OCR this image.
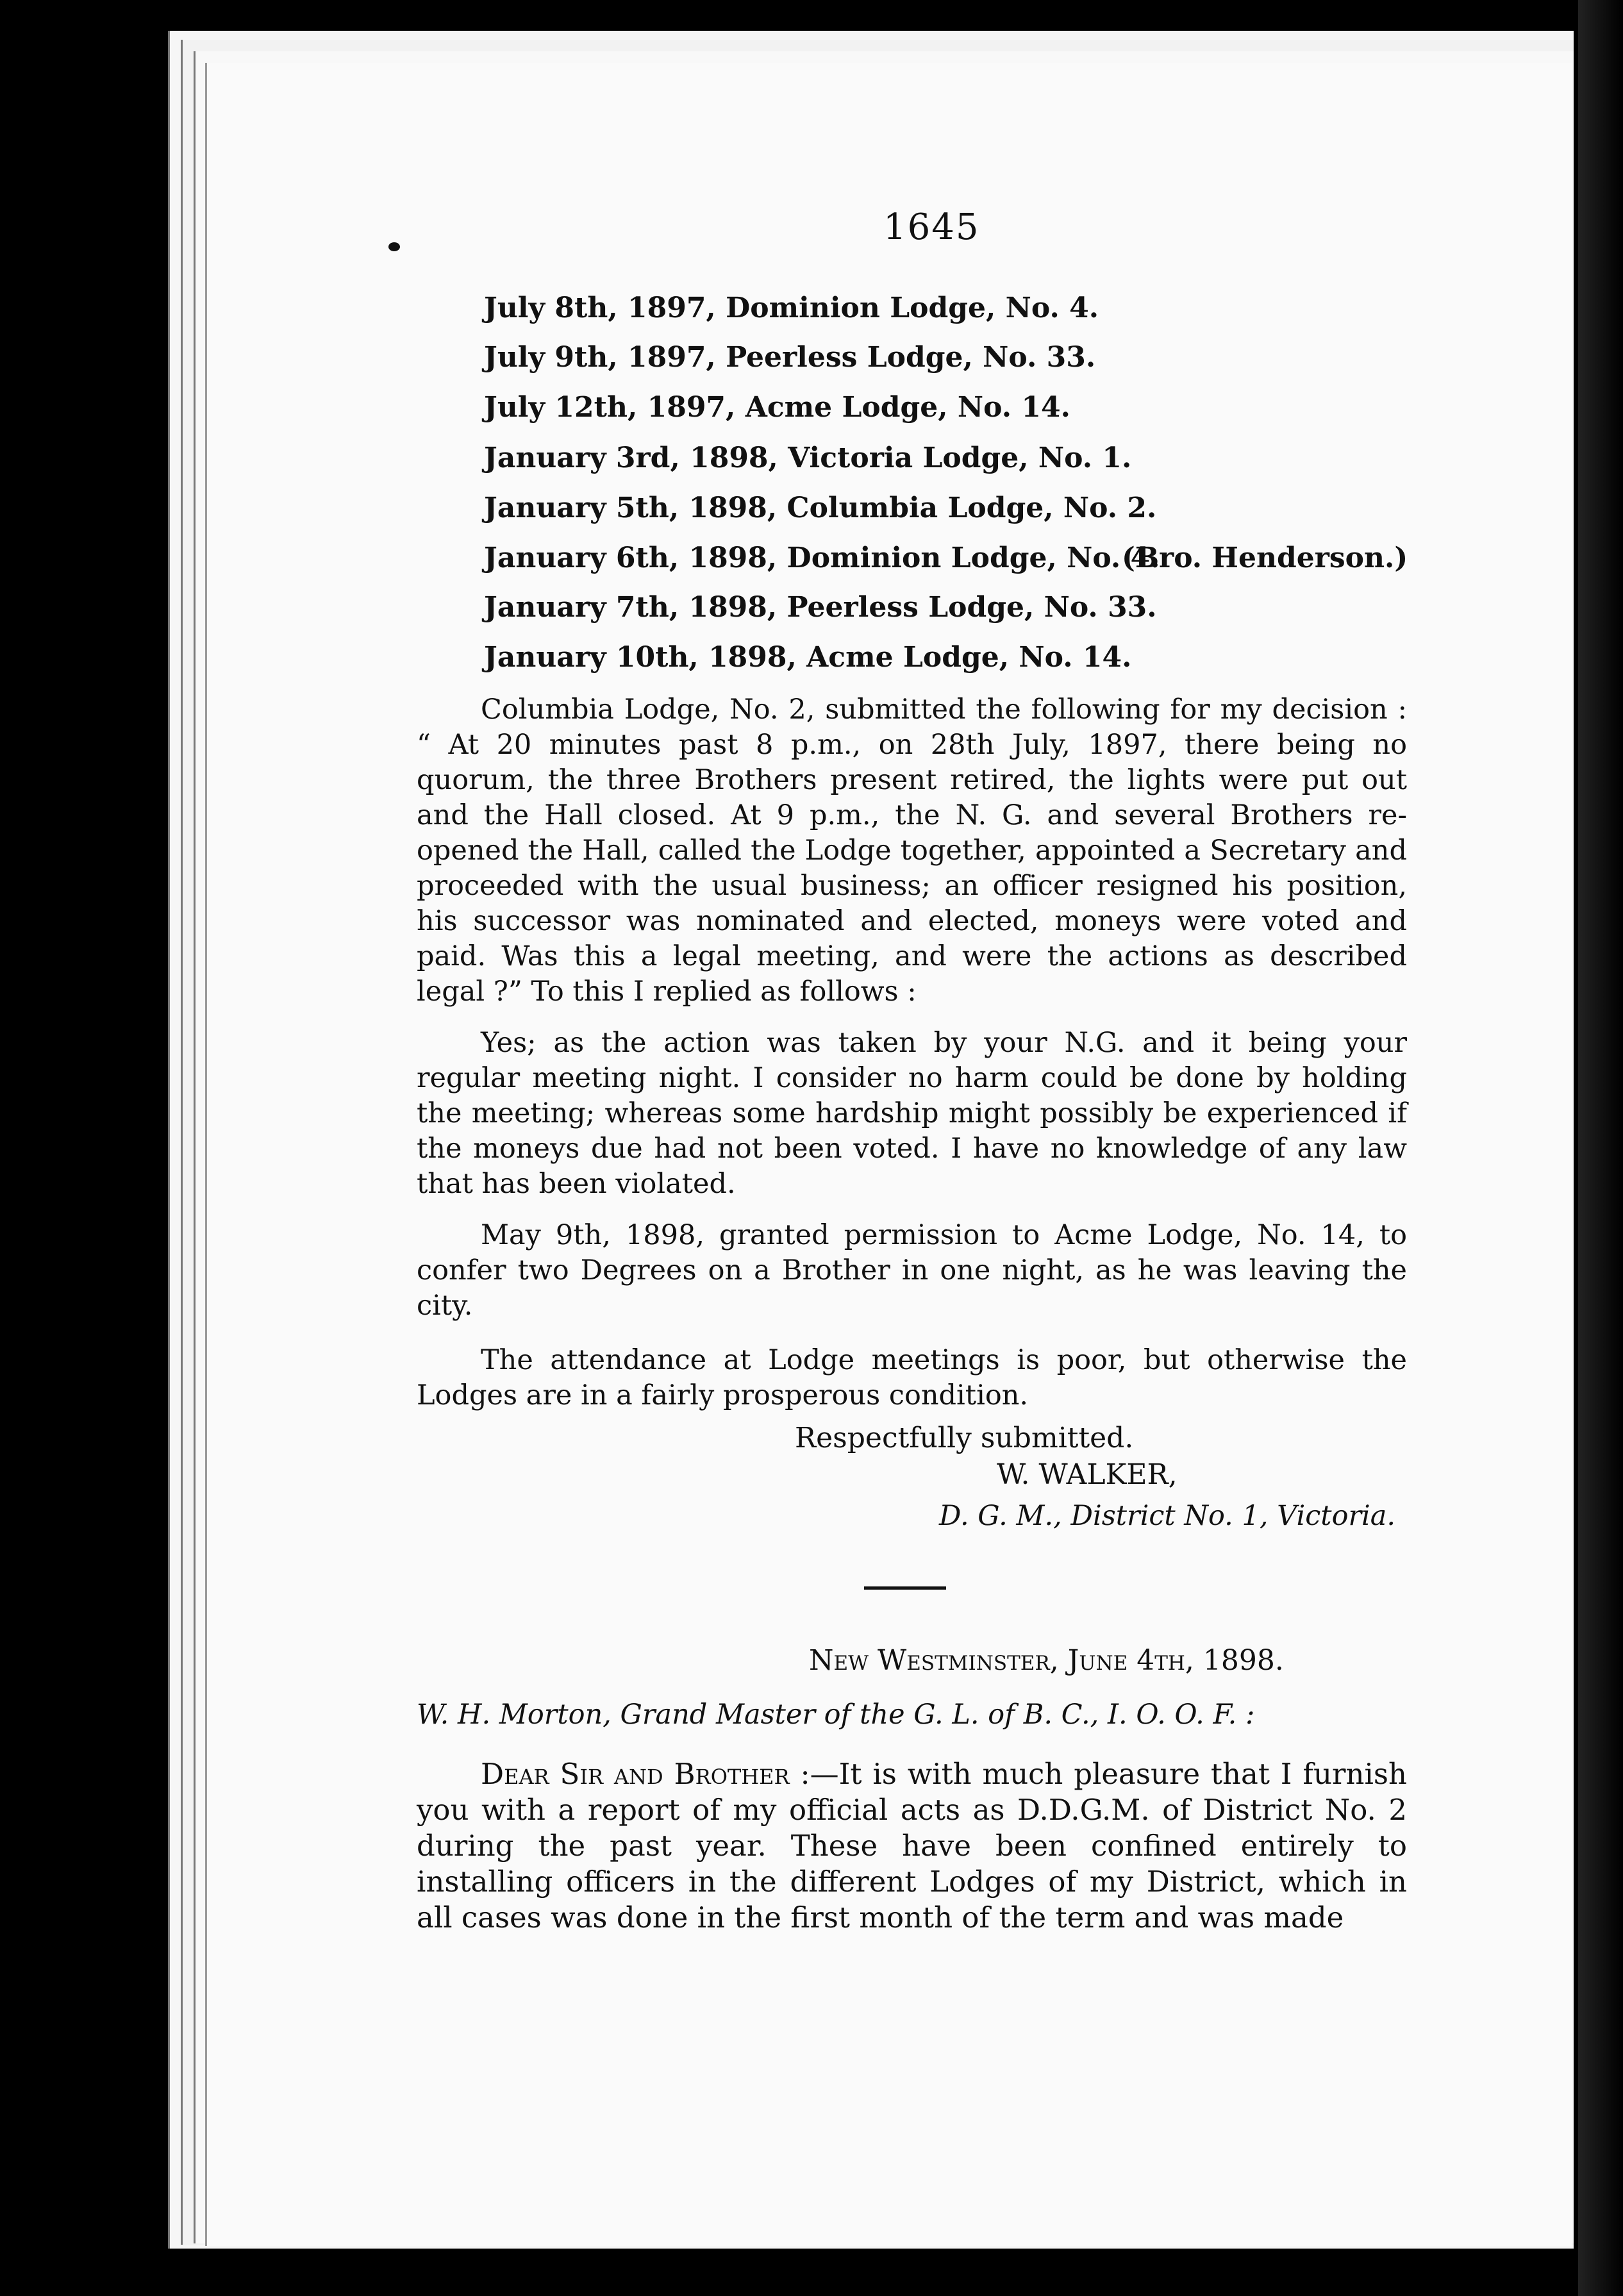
1645
July 8th, 1897, Dominion Lodge, No. 4.
July 9th, 1897, Peerless Lodge, No. 33.
July 12th, 1897, Acme Lodge, No. 14.
January 3rd, 1898, Victoria Lodge, No. 1.
January 5th, 1898, Columbia Lodge, No. 2.
January 6th, 1898, Dominion Lodge, No. 4.
(Bro. Henderson.)
January 7th, 1898, Peerless Lodge, No. 33.
January 10th, 1898, Acme Lodge, No. 14.
Columbia Lodge, No. 2, submitted the following for my decision : “ At 20 minutes past 8 p.m., on 28th July, 1897, there being no quorum, the three Brothers present retired, the lights were put out and the Hall closed. At 9 p.m., the N. G. and several Brothers re-opened the Hall, called the Lodge together, appointed a Secretary and proceeded with the usual business; an officer resigned his position, his successor was nominated and elected, moneys were voted and paid. Was this a legal meeting, and were the actions as described legal ?” To this I replied as follows :
Yes; as the action was taken by your N.G. and it being your regular meeting night. I consider no harm could be done by holding the meeting; whereas some hardship might possibly be experienced if the moneys due had not been voted. I have no knowledge of any law that has been violated.
May 9th, 1898, granted permission to Acme Lodge, No. 14, to confer two Degrees on a Brother in one night, as he was leaving the city.
The attendance at Lodge meetings is poor, but otherwise the Lodges are in a fairly prosperous condition.
Respectfully submitted.
W. WALKER,
D. G. M., District No. 1, Victoria.
New Westminster, June 4th, 1898.
W. H. Morton, Grand Master of the G. L. of B. C., I. O. O. F. :
Dear Sir and Brother :—It is with much pleasure that I furnish you with a report of my official acts as D.D.G.M. of District No. 2 during the past year. These have been confined entirely to installing officers in the different Lodges of my District, which in all cases was done in the first month of the term and was made
